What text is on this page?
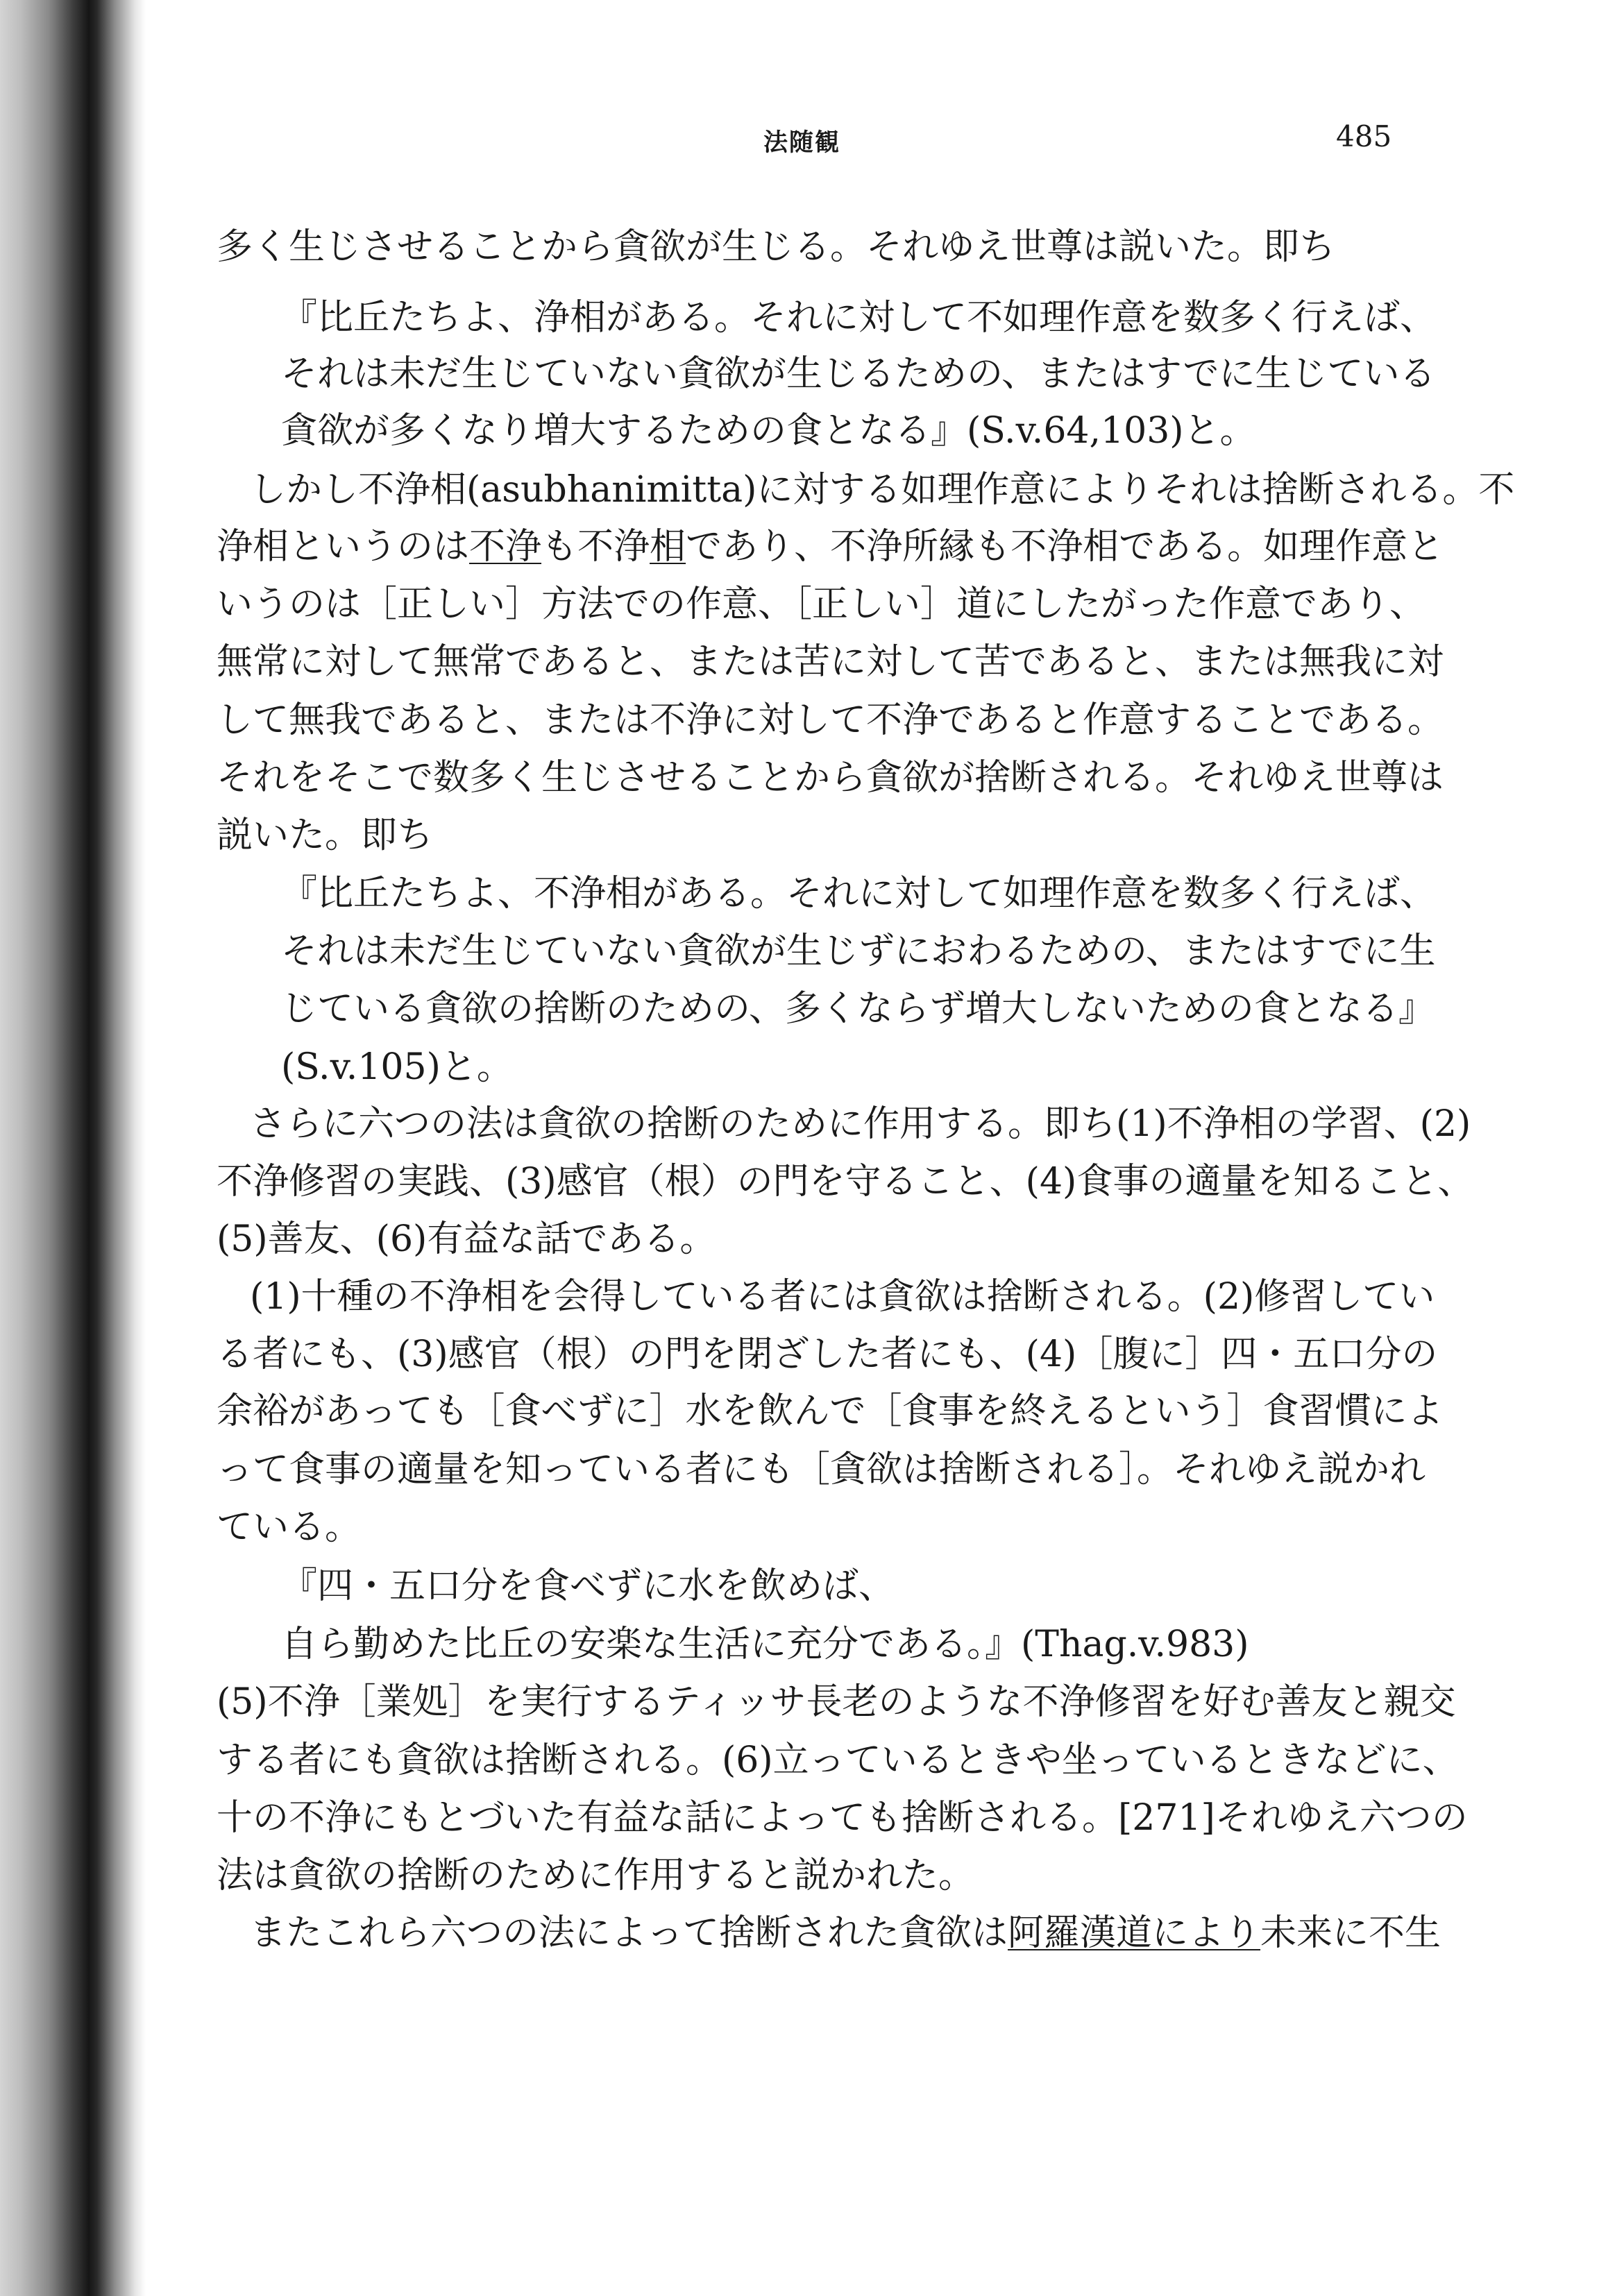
法随観	485
多く生じさせることから貪欲が生じる。それゆえ世尊は説いた。即ち
『比丘たちよ、浄相がある。それに対して不如理作意を数多く行えば、
それは未だ生じていない貪欲が生じるための、またはすでに生じている
貪欲が多くなり増大するための食となる』(S.v.64,103)と。
しかし不浄相(asubhanimitta)に対する如理作意によりそれは捨断される。不
浄相というのは不浄も不浄相であり、不浄所縁も不浄相である。如理作意と
いうのは［正しい］方法での作意、［正しい］道にしたがった作意であり、
無常に対して無常であると、または苦に対して苦であると、または無我に対
して無我であると、または不浄に対して不浄であると作意することである。
それをそこで数多く生じさせることから貪欲が捨断される。それゆえ世尊は
説いた。即ち
『比丘たちよ、不浄相がある。それに対して如理作意を数多く行えば、
それは未だ生じていない貪欲が生じずにおわるための、またはすでに生
じている貪欲の捨断のための、多くならず増大しないための食となる』
(S.v.105)と。
さらに六つの法は貪欲の捨断のために作用する。即ち(1)不浄相の学習、(2)
不浄修習の実践、(3)感官（根）の門を守ること、(4)食事の適量を知ること、
(5)善友、(6)有益な話である。
(1)十種の不浄相を会得している者には貪欲は捨断される。(2)修習してい
る者にも、(3)感官（根）の門を閉ざした者にも、(4)［腹に］四・五口分の
余裕があっても［食べずに］水を飲んで［食事を終えるという］食習慣によ
って食事の適量を知っている者にも［貪欲は捨断される］。それゆえ説かれ
ている。
『四・五口分を食べずに水を飲めば、
自ら勤めた比丘の安楽な生活に充分である。』(Thag.v.983)
(5)不浄［業処］を実行するティッサ長老のような不浄修習を好む善友と親交
する者にも貪欲は捨断される。(6)立っているときや坐っているときなどに、
十の不浄にもとづいた有益な話によっても捨断される。[271]それゆえ六つの
法は貪欲の捨断のために作用すると説かれた。
またこれら六つの法によって捨断された貪欲は阿羅漢道により未来に不生
